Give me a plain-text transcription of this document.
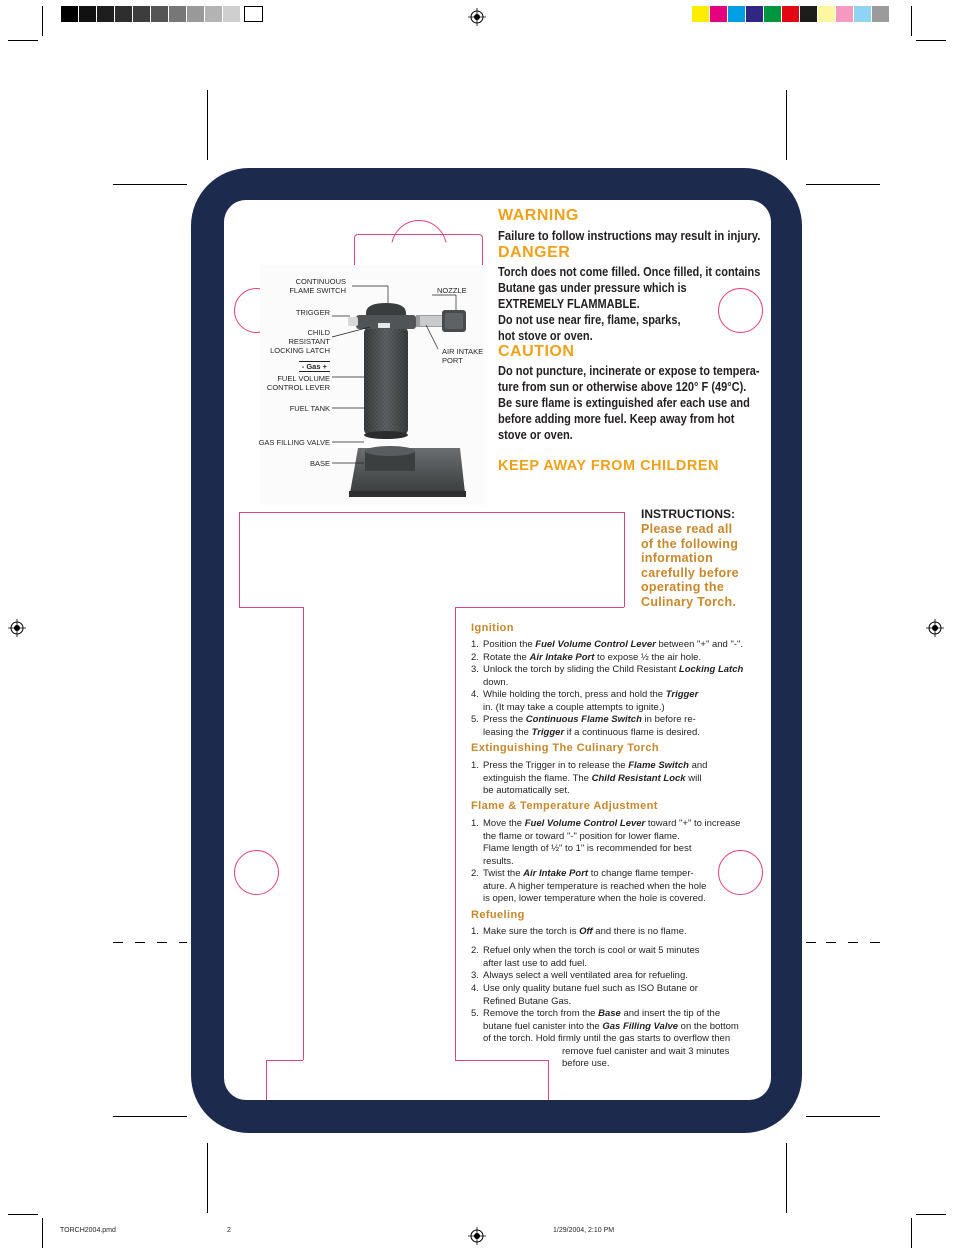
CONTINUOUS
FLAME SWITCH
TRIGGER
CHILD
RESISTANT
LOCKING LATCH
- Gas +
FUEL VOLUME
CONTROL LEVER
FUEL TANK
GAS FILLING VALVE
BASE
NOZZLE
AIR INTAKE
PORT
WARNING
Failure to follow instructions may result in injury.
DANGER
Torch does not come filled. Once filled, it contains
Butane gas under pressure which is
EXTREMELY FLAMMABLE.
Do not use near fire, flame, sparks,
hot stove or oven.
CAUTION
Do not puncture, incinerate or expose to tempera-
ture from sun or otherwise above 120° F (49°C).
Be sure flame is extinguished afer each use and
before adding more fuel. Keep away from hot
stove or oven.
KEEP AWAY FROM CHILDREN
INSTRUCTIONS:
Please read all
of the following
information
carefully before
operating the
Culinary Torch.
Ignition
1. Position the Fuel Volume Control Lever between "+" and "-".
2. Rotate the Air Intake Port to expose ½ the air hole.
3. Unlock the torch by sliding the Child Resistant Locking Latch
down.
4. While holding the torch, press and hold the Trigger
in. (It may take a couple attempts to ignite.)
5. Press the Continuous Flame Switch in before re-
leasing the Trigger if a continuous flame is desired.
Extinguishing The Culinary Torch
1. Press the Trigger in to release the Flame Switch and
extinguish the flame. The Child Resistant Lock will
be automatically set.
Flame & Temperature Adjustment
1. Move the Fuel Volume Control Lever toward "+" to increase
the flame or toward "-" position for lower flame.
Flame length of ½" to 1" is recommended for best
results.
2. Twist the Air Intake Port to change flame temper-
ature. A higher temperature is reached when the hole
is open, lower temperature when the hole is covered.
Refueling
1. Make sure the torch is Off and there is no flame.
2. Refuel only when the torch is cool or wait 5 minutes
after last use to add fuel.
3. Always select a well ventilated area for refueling.
4. Use only quality butane fuel such as ISO Butane or
Refined Butane Gas.
5. Remove the torch from the Base and insert the tip of the
butane fuel canister into the Gas Filling Valve on the bottom
of the torch. Hold firmly until the gas starts to overflow then
remove fuel canister and wait 3 minutes
before use.
TORCH2004.pmd	2	1/29/2004, 2:10 PM
